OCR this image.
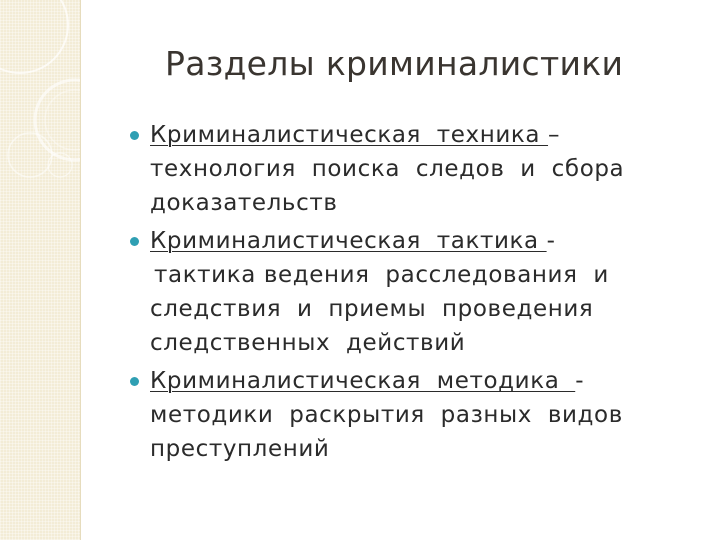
Разделы криминалистики
Криминалистическая  техника –
технология  поиска  следов  и  сбора
доказательств
Криминалистическая  тактика -
тактика ведения  расследования  и
следствия  и  приемы  проведения
следственных  действий
Криминалистическая  методика  -
методики  раскрытия  разных  видов
преступлений
